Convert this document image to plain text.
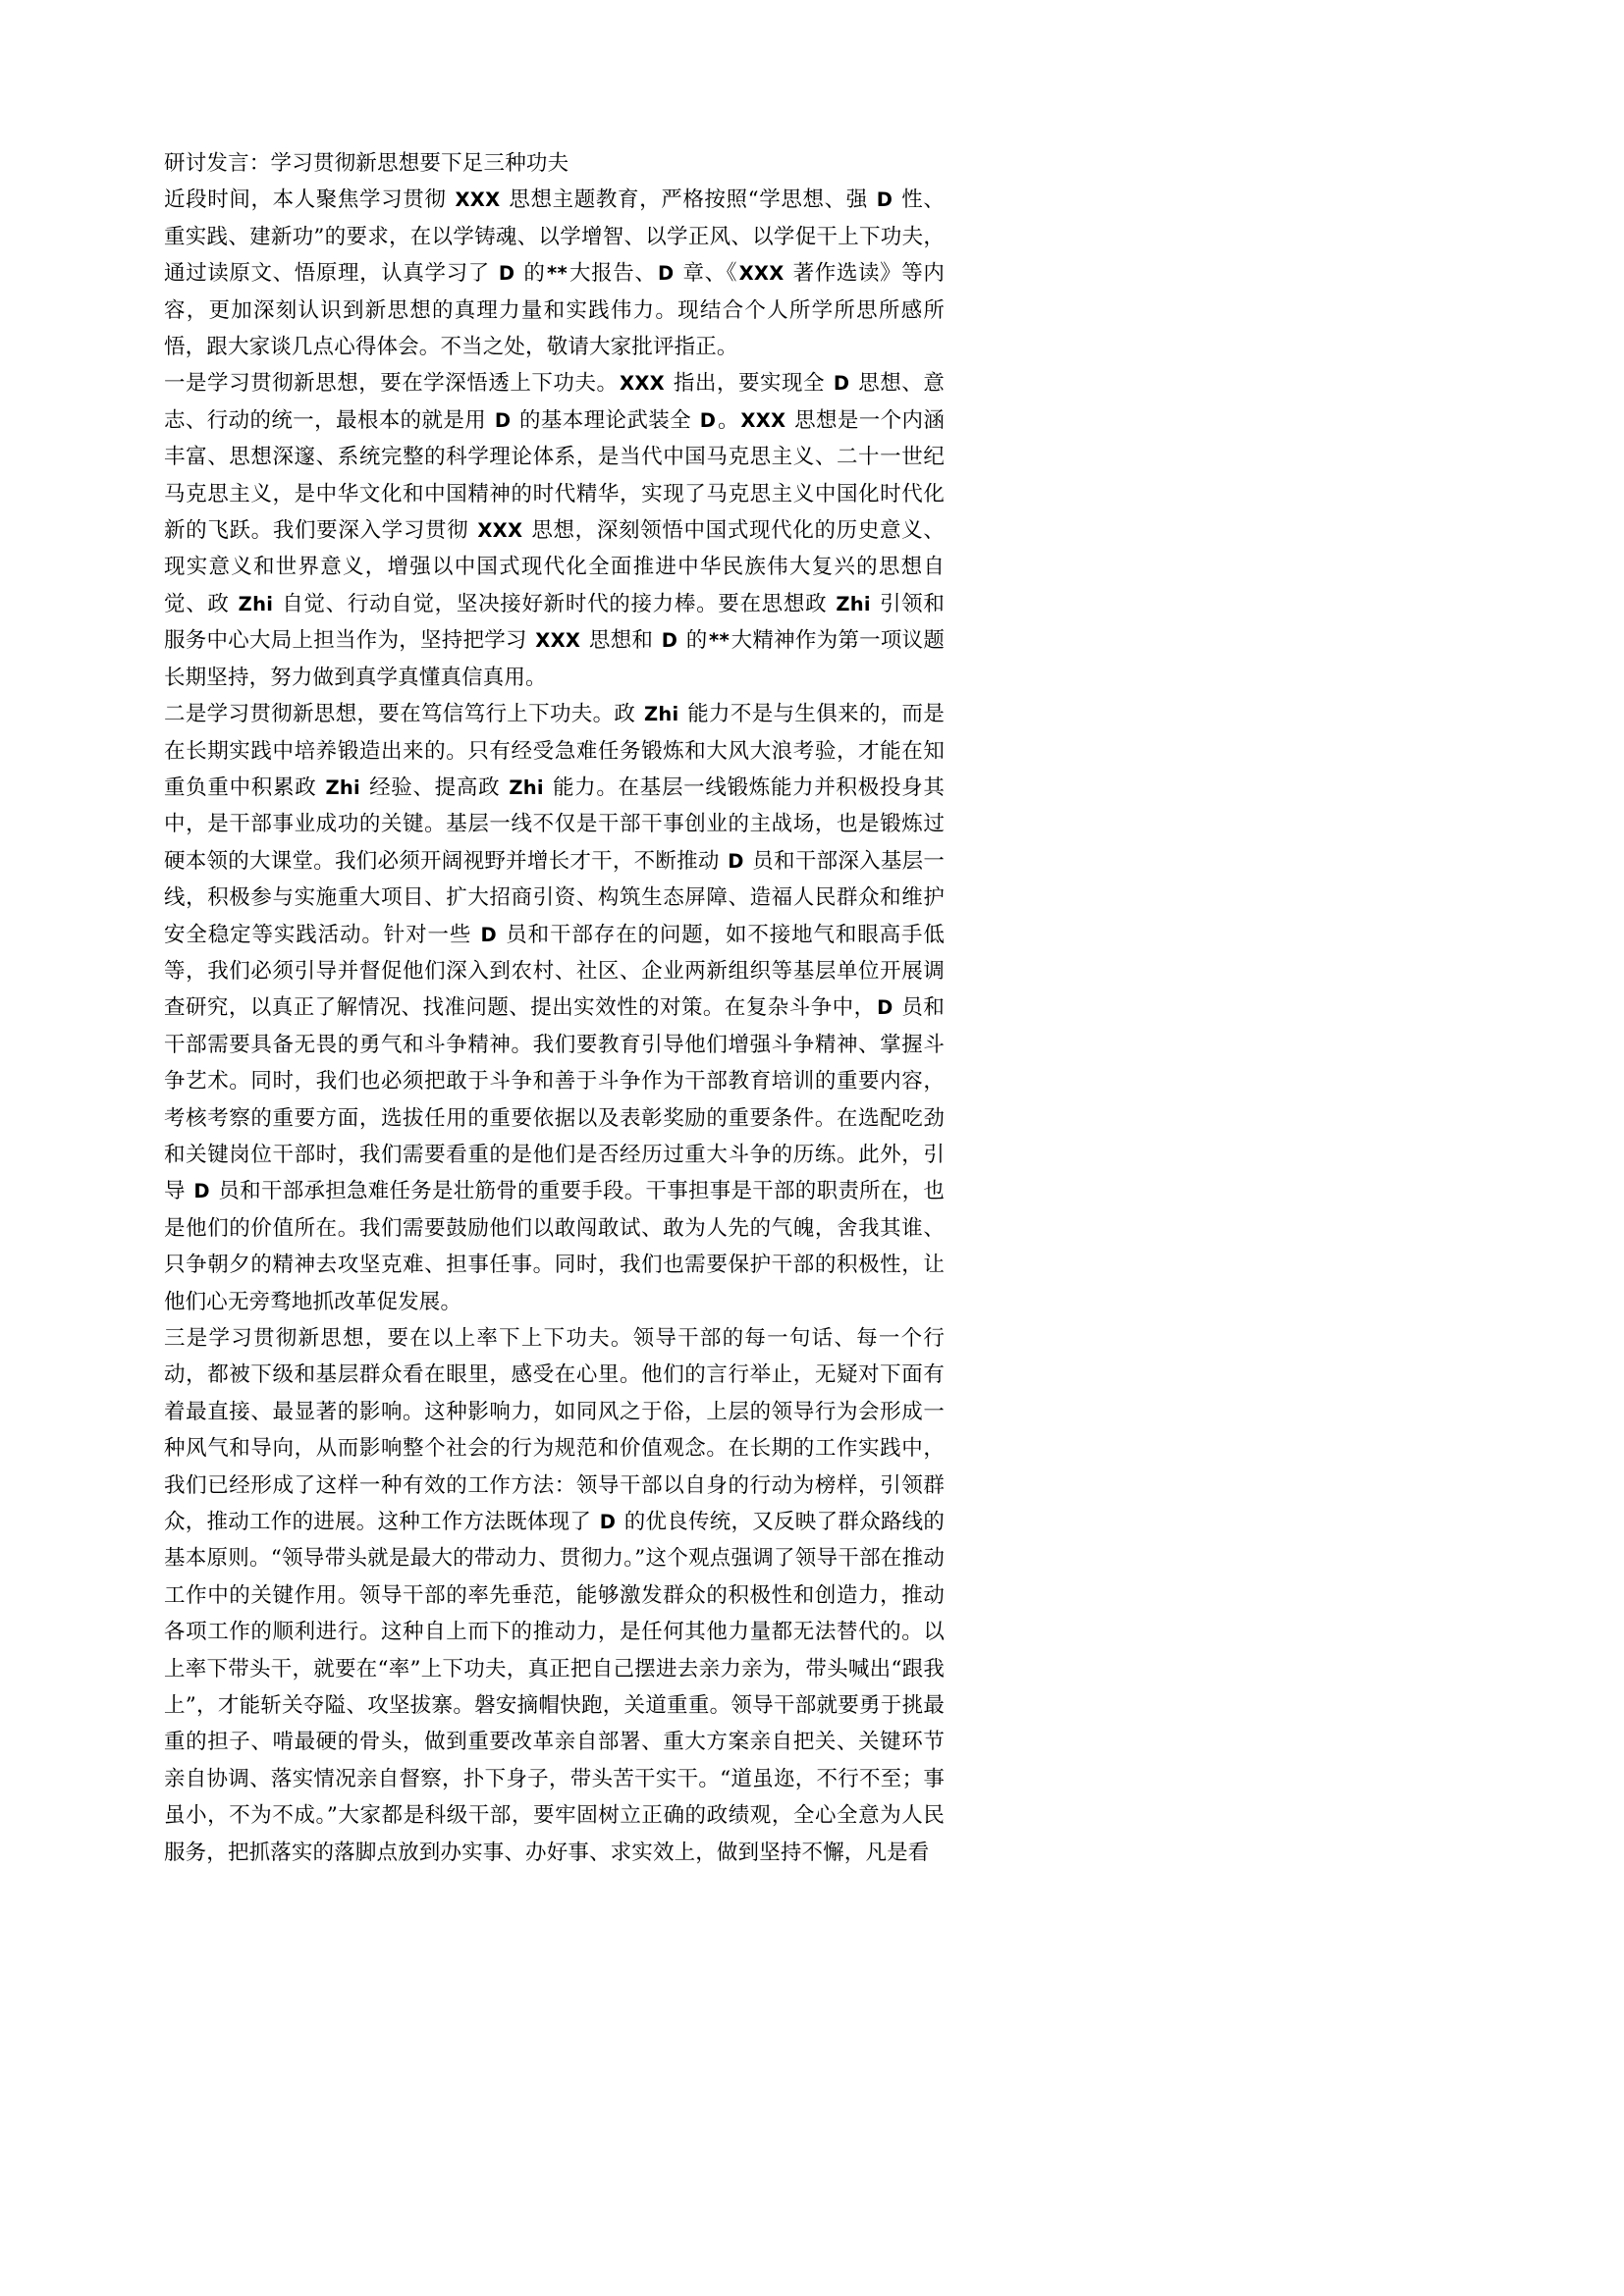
研讨发言：学习贯彻新思想要下足三种功夫

近段时间，本人聚焦学习贯彻 XXX 思想主题教育，严格按照“学思想、强 D 性、重实践、建新功”的要求，在以学铸魂、以学增智、以学正风、以学促干上下功夫，通过读原文、悟原理，认真学习了 D 的**大报告、D 章、《XXX 著作选读》等内容，更加深刻认识到新思想的真理力量和实践伟力。现结合个人所学所思所感所悟，跟大家谈几点心得体会。不当之处，敬请大家批评指正。

一是学习贯彻新思想，要在学深悟透上下功夫。XXX 指出，要实现全 D 思想、意志、行动的统一，最根本的就是用 D 的基本理论武装全 D。XXX 思想是一个内涵丰富、思想深邃、系统完整的科学理论体系，是当代中国马克思主义、二十一世纪马克思主义，是中华文化和中国精神的时代精华，实现了马克思主义中国化时代化新的飞跃。我们要深入学习贯彻 XXX 思想，深刻领悟中国式现代化的历史意义、现实意义和世界意义，增强以中国式现代化全面推进中华民族伟大复兴的思想自觉、政 Zhi 自觉、行动自觉，坚决接好新时代的接力棒。要在思想政 Zhi 引领和服务中心大局上担当作为，坚持把学习 XXX 思想和 D 的**大精神作为第一项议题长期坚持，努力做到真学真懂真信真用。

二是学习贯彻新思想，要在笃信笃行上下功夫。政 Zhi 能力不是与生俱来的，而是在长期实践中培养锻造出来的。只有经受急难任务锻炼和大风大浪考验，才能在知重负重中积累政 Zhi 经验、提高政 Zhi 能力。在基层一线锻炼能力并积极投身其中，是干部事业成功的关键。基层一线不仅是干部干事创业的主战场，也是锻炼过硬本领的大课堂。我们必须开阔视野并增长才干，不断推动 D 员和干部深入基层一线，积极参与实施重大项目、扩大招商引资、构筑生态屏障、造福人民群众和维护安全稳定等实践活动。针对一些 D 员和干部存在的问题，如不接地气和眼高手低等，我们必须引导并督促他们深入到农村、社区、企业两新组织等基层单位开展调查研究，以真正了解情况、找准问题、提出实效性的对策。在复杂斗争中，D 员和干部需要具备无畏的勇气和斗争精神。我们要教育引导他们增强斗争精神、掌握斗争艺术。同时，我们也必须把敢于斗争和善于斗争作为干部教育培训的重要内容，考核考察的重要方面，选拔任用的重要依据以及表彰奖励的重要条件。在选配吃劲和关键岗位干部时，我们需要看重的是他们是否经历过重大斗争的历练。此外，引导 D 员和干部承担急难任务是壮筋骨的重要手段。干事担事是干部的职责所在，也是他们的价值所在。我们需要鼓励他们以敢闯敢试、敢为人先的气魄，舍我其谁、只争朝夕的精神去攻坚克难、担事任事。同时，我们也需要保护干部的积极性，让他们心无旁骛地抓改革促发展。

三是学习贯彻新思想，要在以上率下上下功夫。领导干部的每一句话、每一个行动，都被下级和基层群众看在眼里，感受在心里。他们的言行举止，无疑对下面有着最直接、最显著的影响。这种影响力，如同风之于俗，上层的领导行为会形成一种风气和导向，从而影响整个社会的行为规范和价值观念。在长期的工作实践中，我们已经形成了这样一种有效的工作方法：领导干部以自身的行动为榜样，引领群众，推动工作的进展。这种工作方法既体现了 D 的优良传统，又反映了群众路线的基本原则。“领导带头就是最大的带动力、贯彻力。”这个观点强调了领导干部在推动工作中的关键作用。领导干部的率先垂范，能够激发群众的积极性和创造力，推动各项工作的顺利进行。这种自上而下的推动力，是任何其他力量都无法替代的。以上率下带头干，就要在“率”上下功夫，真正把自己摆进去亲力亲为，带头喊出“跟我上”，才能斩关夺隘、攻坚拔寨。磐安摘帽快跑，关道重重。领导干部就要勇于挑最重的担子、啃最硬的骨头，做到重要改革亲自部署、重大方案亲自把关、关键环节亲自协调、落实情况亲自督察，扑下身子，带头苦干实干。“道虽迩，不行不至；事虽小，不为不成。”大家都是科级干部，要牢固树立正确的政绩观，全心全意为人民服务，把抓落实的落脚点放到办实事、办好事、求实效上，做到坚持不懈，凡是看
